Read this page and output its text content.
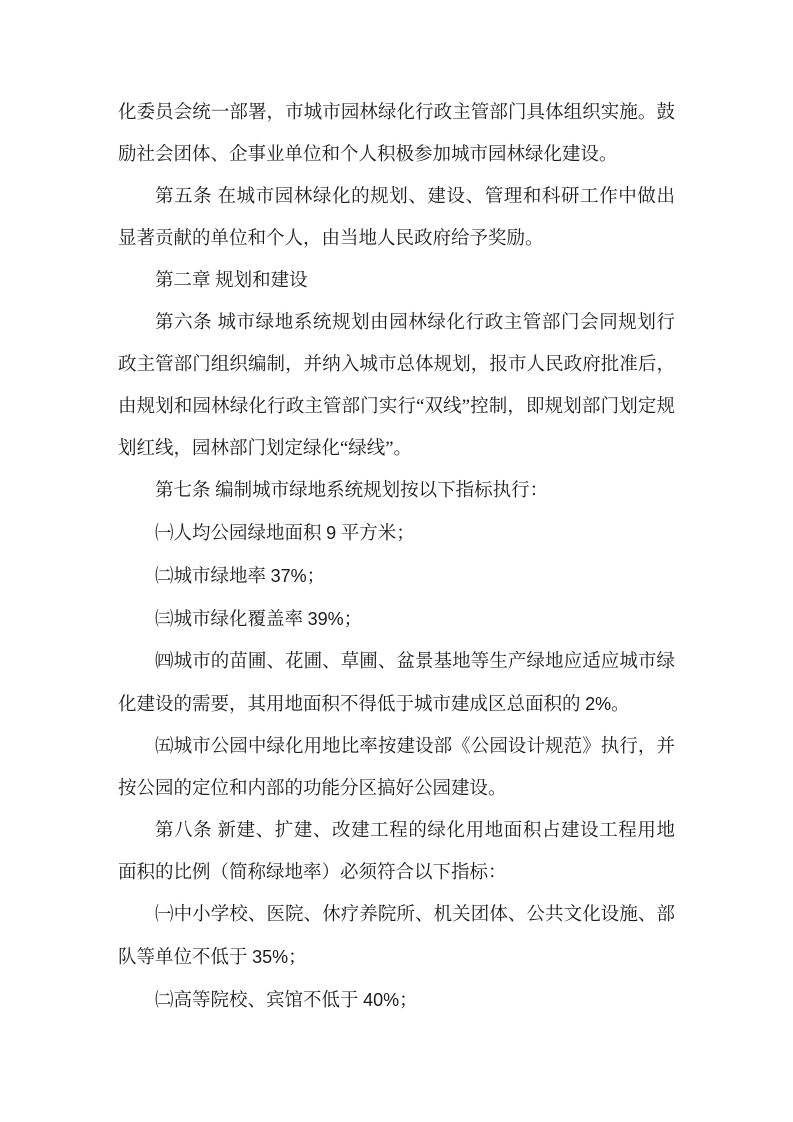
化委员会统一部署，市城市园林绿化行政主管部门具体组织实施。鼓励社会团体、企事业单位和个人积极参加城市园林绿化建设。

第五条 在城市园林绿化的规划、建设、管理和科研工作中做出显著贡献的单位和个人，由当地人民政府给予奖励。

第二章 规划和建设

第六条 城市绿地系统规划由园林绿化行政主管部门会同规划行政主管部门组织编制，并纳入城市总体规划，报市人民政府批准后，由规划和园林绿化行政主管部门实行“双线”控制，即规划部门划定规划红线，园林部门划定绿化“绿线”。

第七条 编制城市绿地系统规划按以下指标执行：

㈠人均公园绿地面积 9 平方米；

㈡城市绿地率 37%；

㈢城市绿化覆盖率 39%；

㈣城市的苗圃、花圃、草圃、盆景基地等生产绿地应适应城市绿化建设的需要，其用地面积不得低于城市建成区总面积的 2%。

㈤城市公园中绿化用地比率按建设部《公园设计规范》执行，并按公园的定位和内部的功能分区搞好公园建设。

第八条 新建、扩建、改建工程的绿化用地面积占建设工程用地面积的比例（简称绿地率）必须符合以下指标：

㈠中小学校、医院、休疗养院所、机关团体、公共文化设施、部队等单位不低于 35%；

㈡高等院校、宾馆不低于 40%；
